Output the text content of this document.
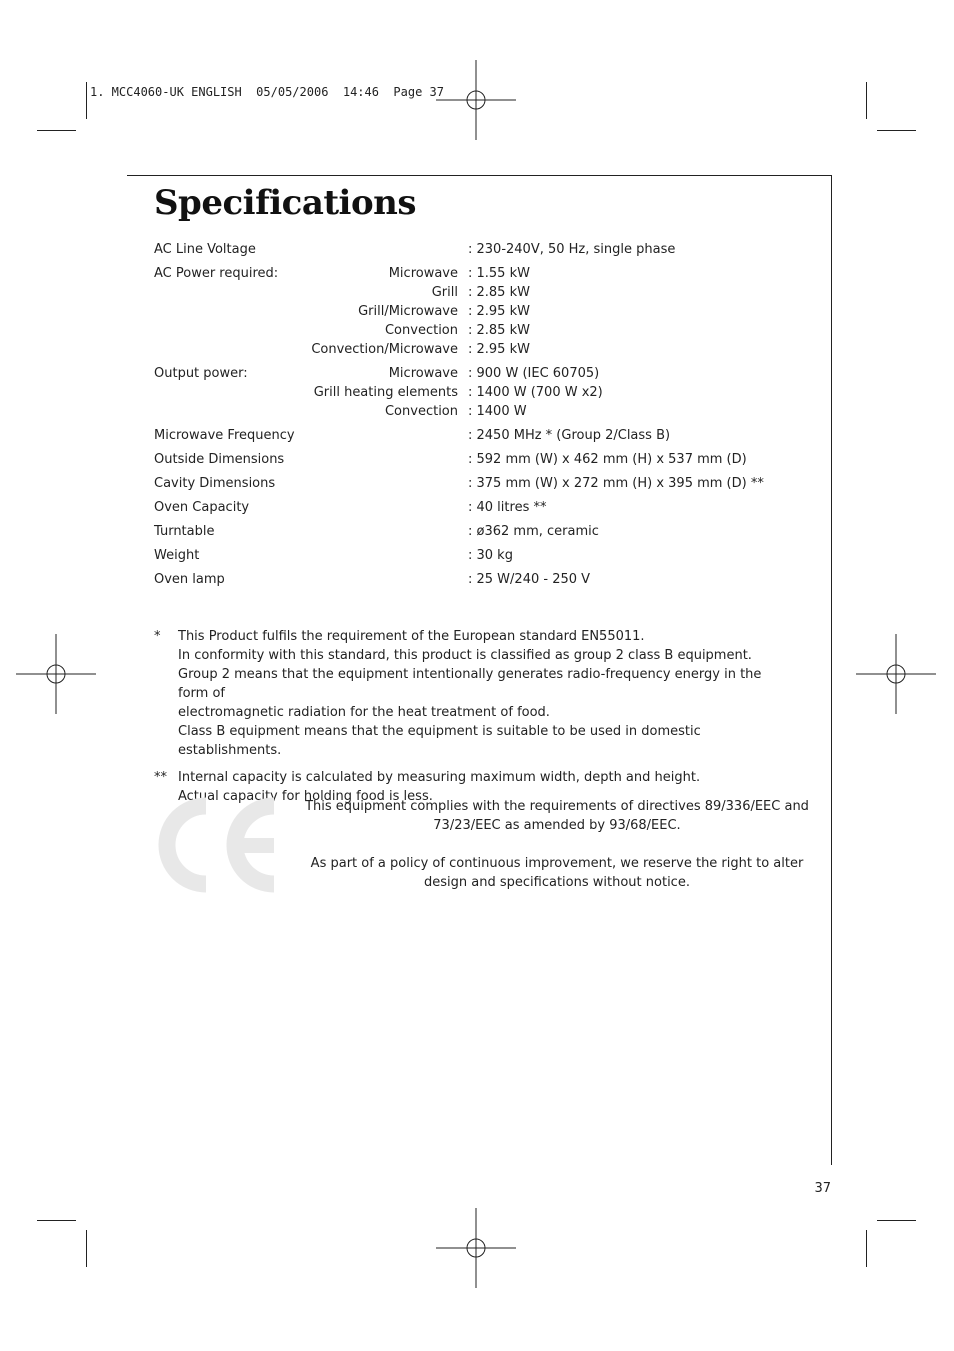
1. MCC4060-UK ENGLISH  05/05/2006  14:46  Page 37
Specifications
AC Line Voltage	: 230-240V, 50 Hz, single phase
AC Power required:	Microwave : 1.55 kW
Grill : 2.85 kW
Grill/Microwave : 2.95 kW
Convection : 2.85 kW
Convection/Microwave : 2.95 kW
Output power:	Microwave : 900 W (IEC 60705)
Grill heating elements : 1400 W (700 W x2)
Convection : 1400 W
Microwave Frequency	: 2450 MHz * (Group 2/Class B)
Outside Dimensions	: 592 mm (W) x 462 mm (H) x 537 mm (D)
Cavity Dimensions	: 375 mm (W) x 272 mm (H) x 395 mm (D) **
Oven Capacity	: 40 litres **
Turntable	: ø362 mm, ceramic
Weight	: 30 kg
Oven lamp	: 25 W/240 - 250 V
* This Product fulfils the requirement of the European standard EN55011.

In conformity with this standard, this product is classified as group 2 class B equipment.

Group 2 means that the equipment intentionally generates radio-frequency energy in the form of

electromagnetic radiation for the heat treatment of food.

Class B equipment means that the equipment is suitable to be used in domestic establishments.

** Internal capacity is calculated by measuring maximum width, depth and height.

Actual capacity for holding food is less.

This equipment complies with the requirements of directives 89/336/EEC and 73/23/EEC as amended by 93/68/EEC.

As part of a policy of continuous improvement, we reserve the right to alter design and specifications without notice.

37
